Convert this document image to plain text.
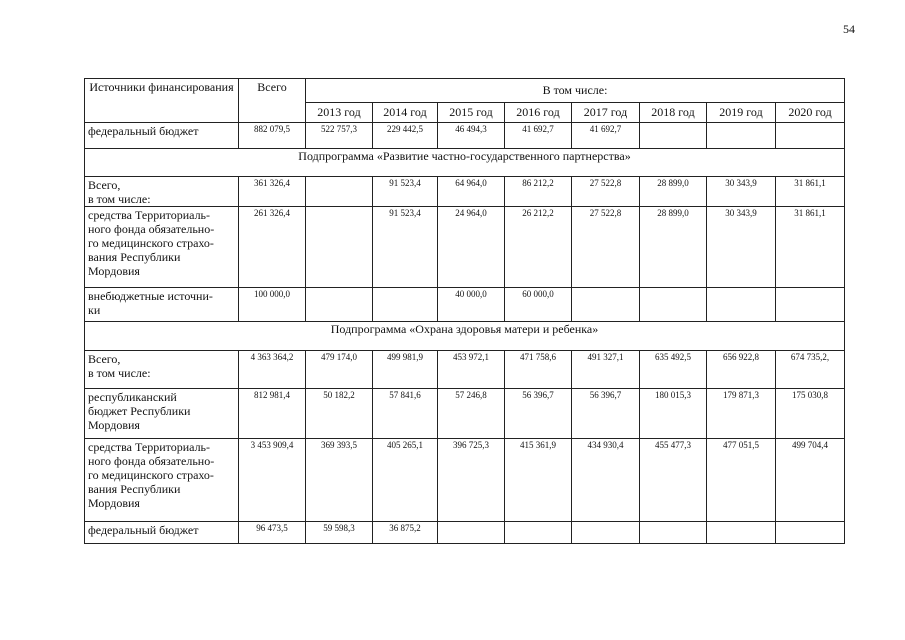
54
Источники финансирования	Всего	В том числе:							
		2013 год	2014 год	2015 год	2016 год	2017 год	2018 год	2019 год	2020 год
федеральный бюджет	882 079,5	522 757,3	229 442,5	46 494,3	41 692,7	41 692,7			
Подпрограмма «Развитие частно-государственного партнерства»									
Всего,
в том числе:	361 326,4		91 523,4	64 964,0	86 212,2	27 522,8	28 899,0	30 343,9	31 861,1
средства Территориаль-
ного фонда обязательно-
го медицинского страхо-
вания Республики
Мордовия	261 326,4		91 523,4	24 964,0	26 212,2	27 522,8	28 899,0	30 343,9	31 861,1
внебюджетные источни-
ки	100 000,0			40 000,0	60 000,0				
Подпрограмма «Охрана здоровья матери и ребенка»									
Всего,
в том числе:	4 363 364,2	479 174,0	499 981,9	453 972,1	471 758,6	491 327,1	635 492,5	656 922,8	674 735,2,
республиканский
бюджет Республики
Мордовия	812 981,4	50 182,2	57 841,6	57 246,8	56 396,7	56 396,7	180 015,3	179 871,3	175 030,8
средства Территориаль-
ного фонда обязательно-
го медицинского страхо-
вания Республики
Мордовия	3 453 909,4	369 393,5	405 265,1	396 725,3	415 361,9	434 930,4	455 477,3	477 051,5	499 704,4
федеральный бюджет	96 473,5	59 598,3	36 875,2						
